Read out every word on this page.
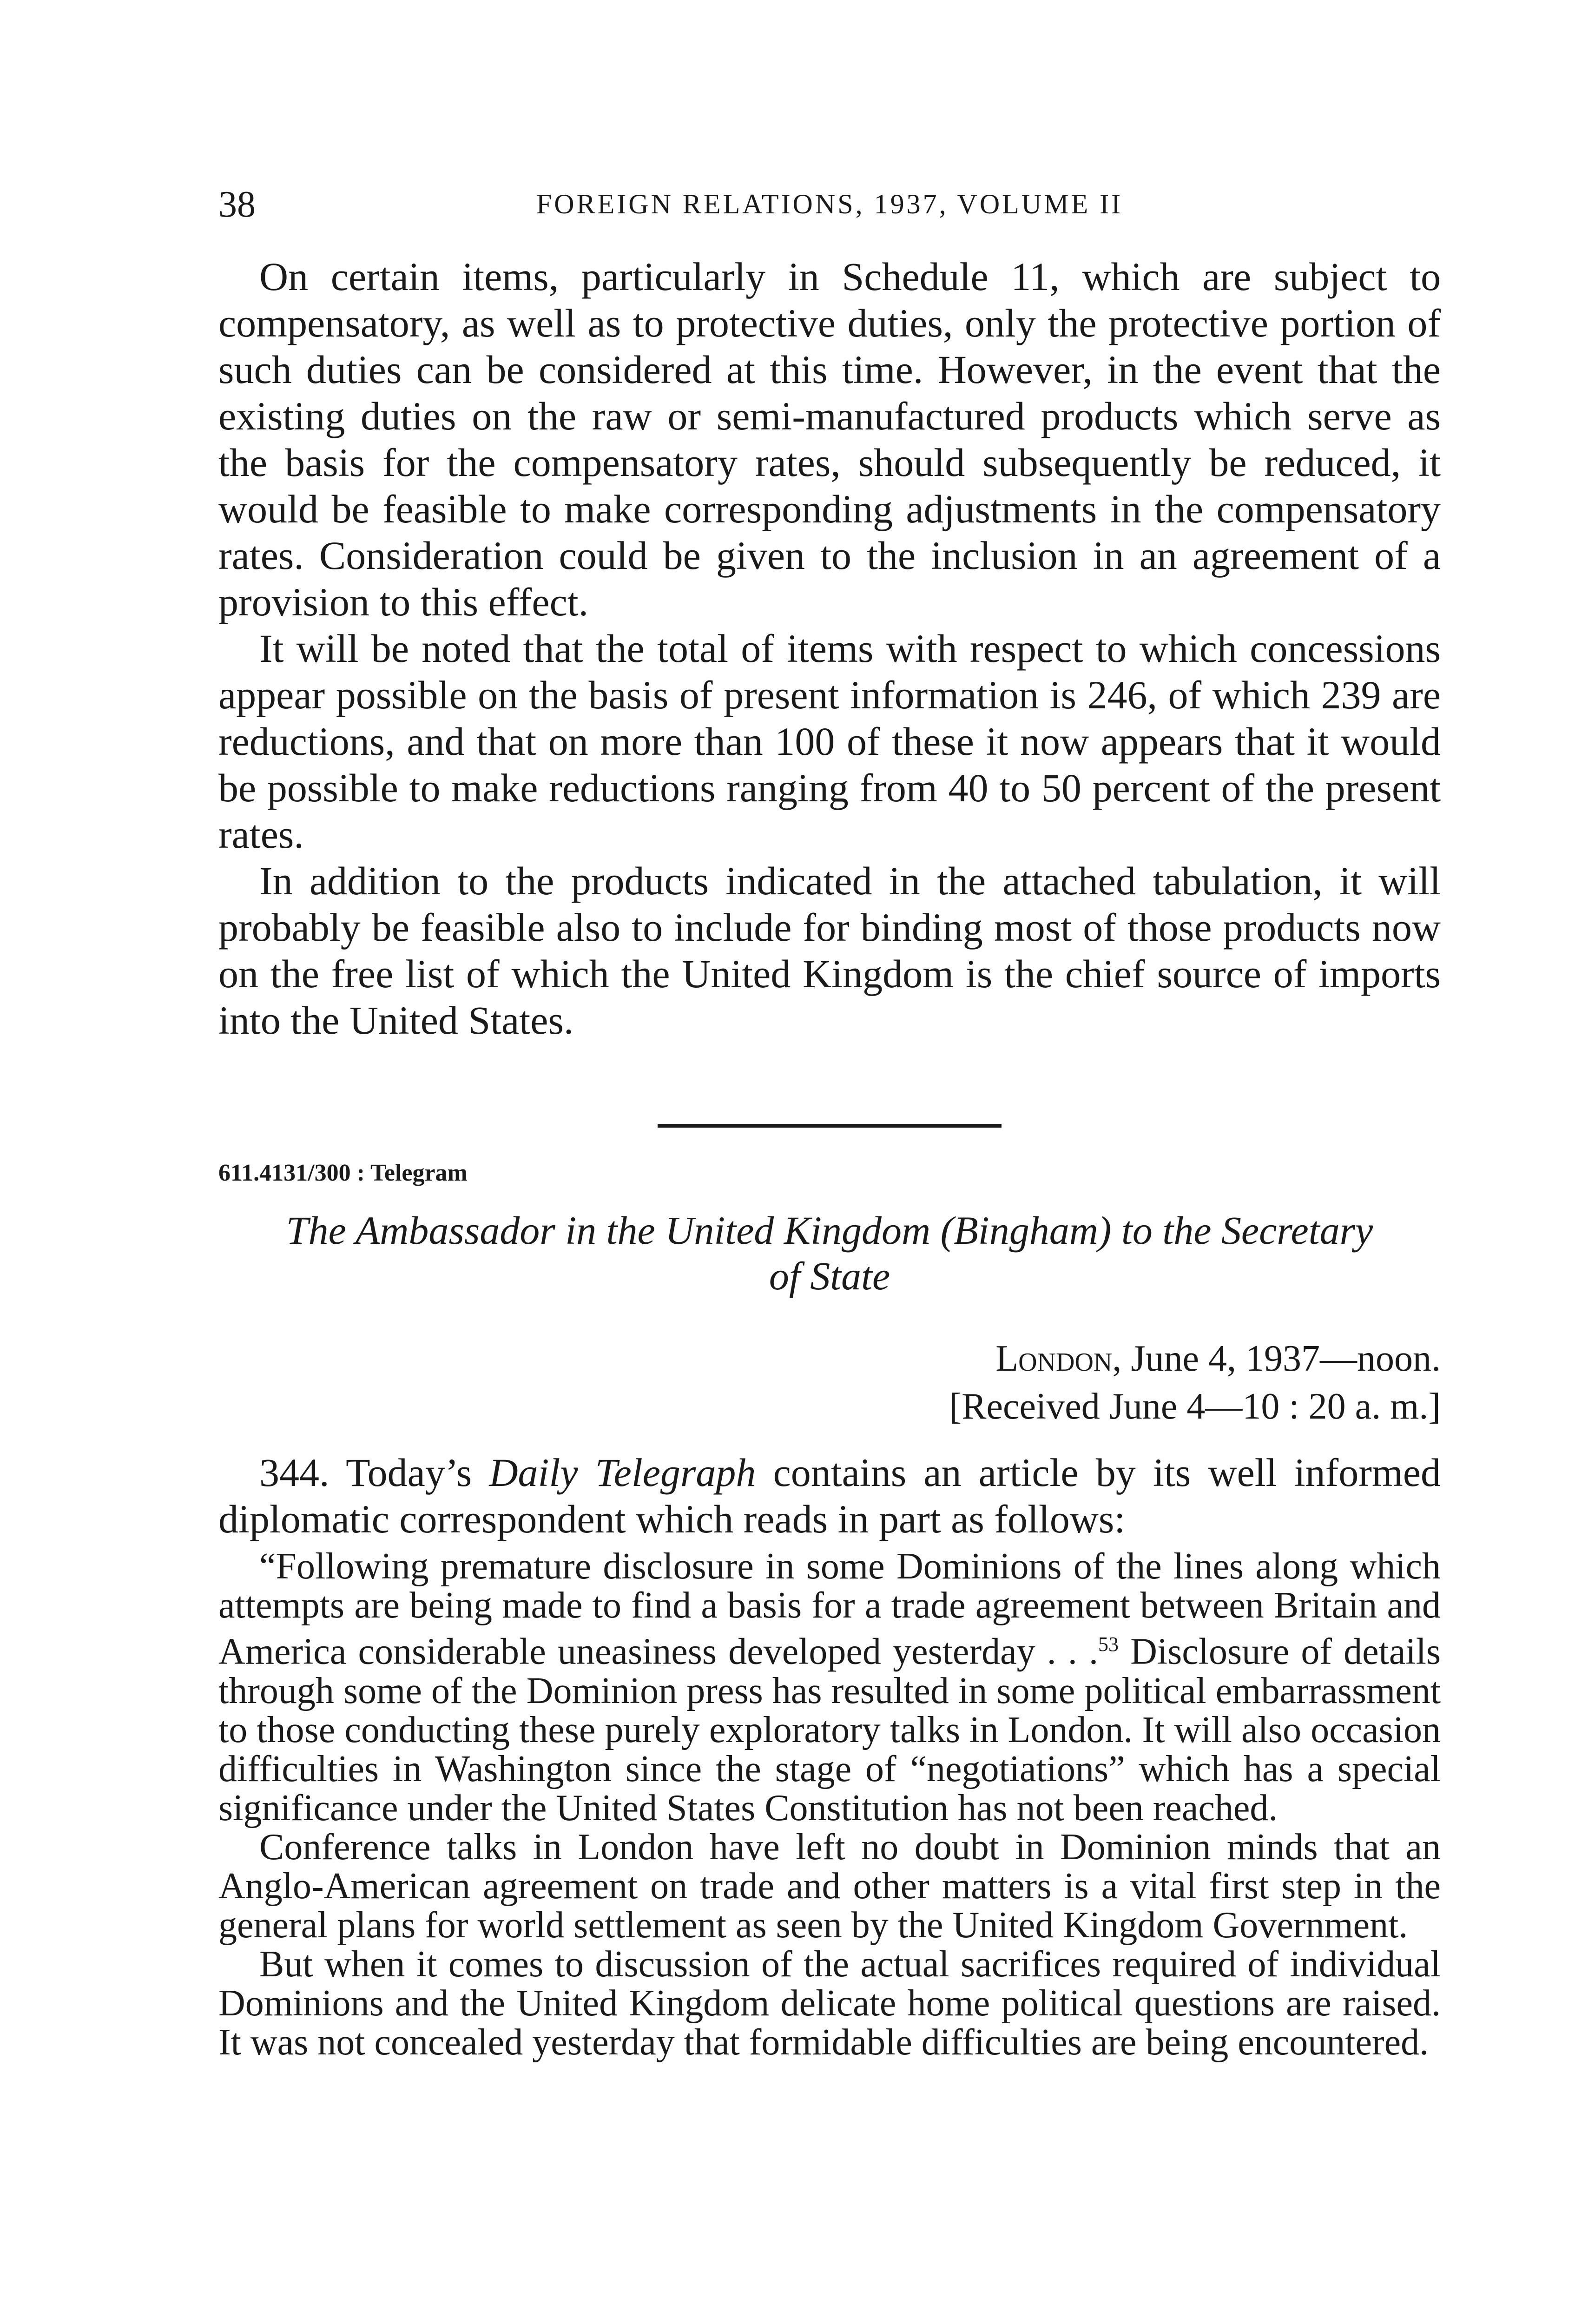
38	FOREIGN RELATIONS, 1937, VOLUME II

On certain items, particularly in Schedule 11, which are subject to compensatory, as well as to protective duties, only the protective portion of such duties can be considered at this time. However, in the event that the existing duties on the raw or semi-manufactured products which serve as the basis for the compensatory rates, should subsequently be reduced, it would be feasible to make corresponding adjustments in the compensatory rates. Consideration could be given to the inclusion in an agreement of a provision to this effect.

It will be noted that the total of items with respect to which concessions appear possible on the basis of present information is 246, of which 239 are reductions, and that on more than 100 of these it now appears that it would be possible to make reductions ranging from 40 to 50 percent of the present rates.

In addition to the products indicated in the attached tabulation, it will probably be feasible also to include for binding most of those products now on the free list of which the United Kingdom is the chief source of imports into the United States.

611.4131/300 : Telegram
The Ambassador in the United Kingdom (Bingham) to the Secretary
of State
London, June 4, 1937—noon.
[Received June 4—10 : 20 a. m.]

344. Today’s Daily Telegraph contains an article by its well informed diplomatic correspondent which reads in part as follows:

“Following premature disclosure in some Dominions of the lines along which attempts are being made to find a basis for a trade agreement between Britain and America considerable uneasiness developed yesterday . . .$^{53}$ Disclosure of details through some of the Dominion press has resulted in some political embarrassment to those conducting these purely exploratory talks in London. It will also occasion difficulties in Washington since the stage of “negotiations” which has a special significance under the United States Constitution has not been reached.

Conference talks in London have left no doubt in Dominion minds that an Anglo-American agreement on trade and other matters is a vital first step in the general plans for world settlement as seen by the United Kingdom Government.

But when it comes to discussion of the actual sacrifices required of individual Dominions and the United Kingdom delicate home political questions are raised. It was not concealed yesterday that formidable difficulties are being encountered.
